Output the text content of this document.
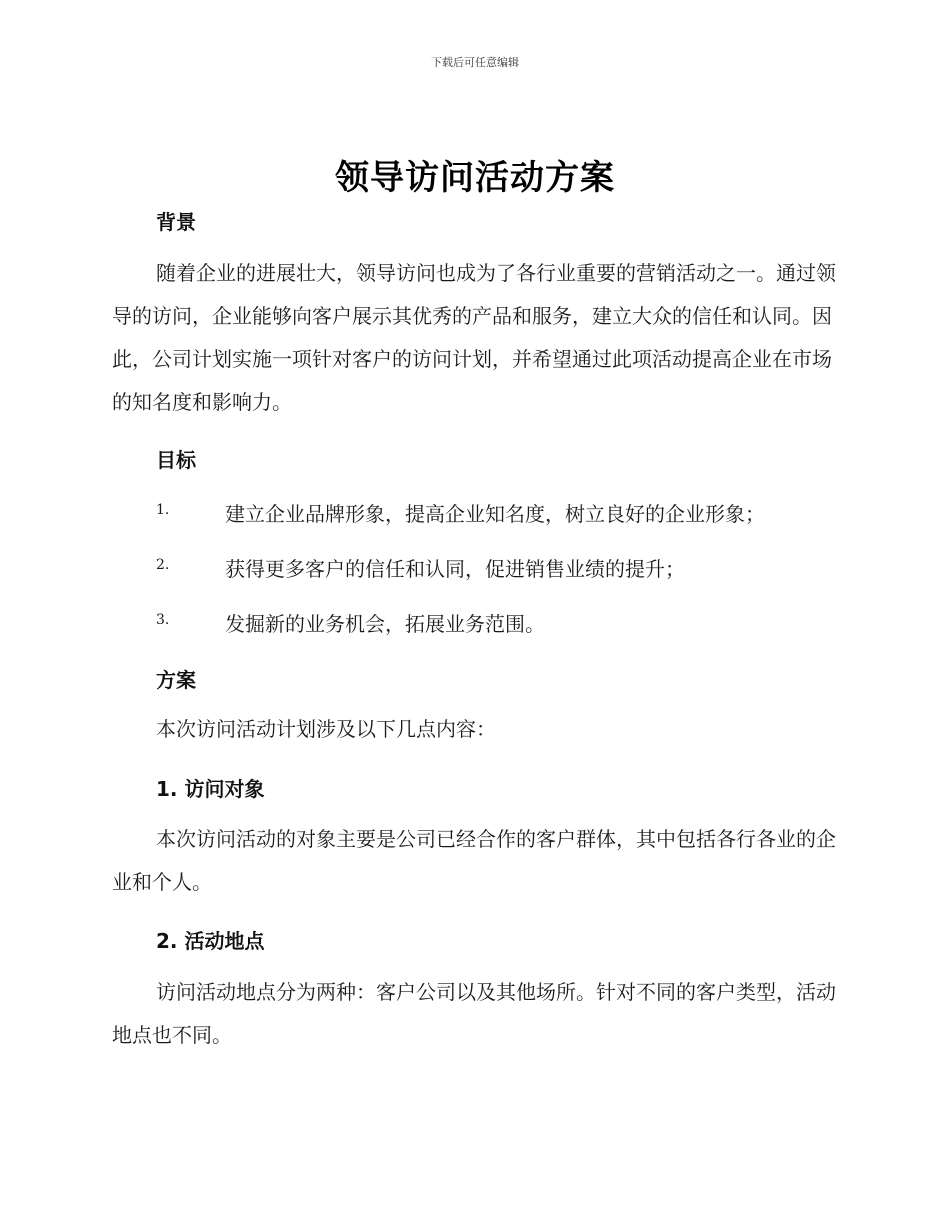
下载后可任意编辑
领导访问活动方案
背景
随着企业的进展壮大，领导访问也成为了各行业重要的营销活动之一。通过领导的访问，企业能够向客户展示其优秀的产品和服务，建立大众的信任和认同。因此，公司计划实施一项针对客户的访问计划，并希望通过此项活动提高企业在市场的知名度和影响力。
目标
1.	建立企业品牌形象，提高企业知名度，树立良好的企业形象；
2.	获得更多客户的信任和认同，促进销售业绩的提升；
3.	发掘新的业务机会，拓展业务范围。
方案
本次访问活动计划涉及以下几点内容：
1. 访问对象
本次访问活动的对象主要是公司已经合作的客户群体，其中包括各行各业的企业和个人。
2. 活动地点
访问活动地点分为两种：客户公司以及其他场所。针对不同的客户类型，活动地点也不同。
